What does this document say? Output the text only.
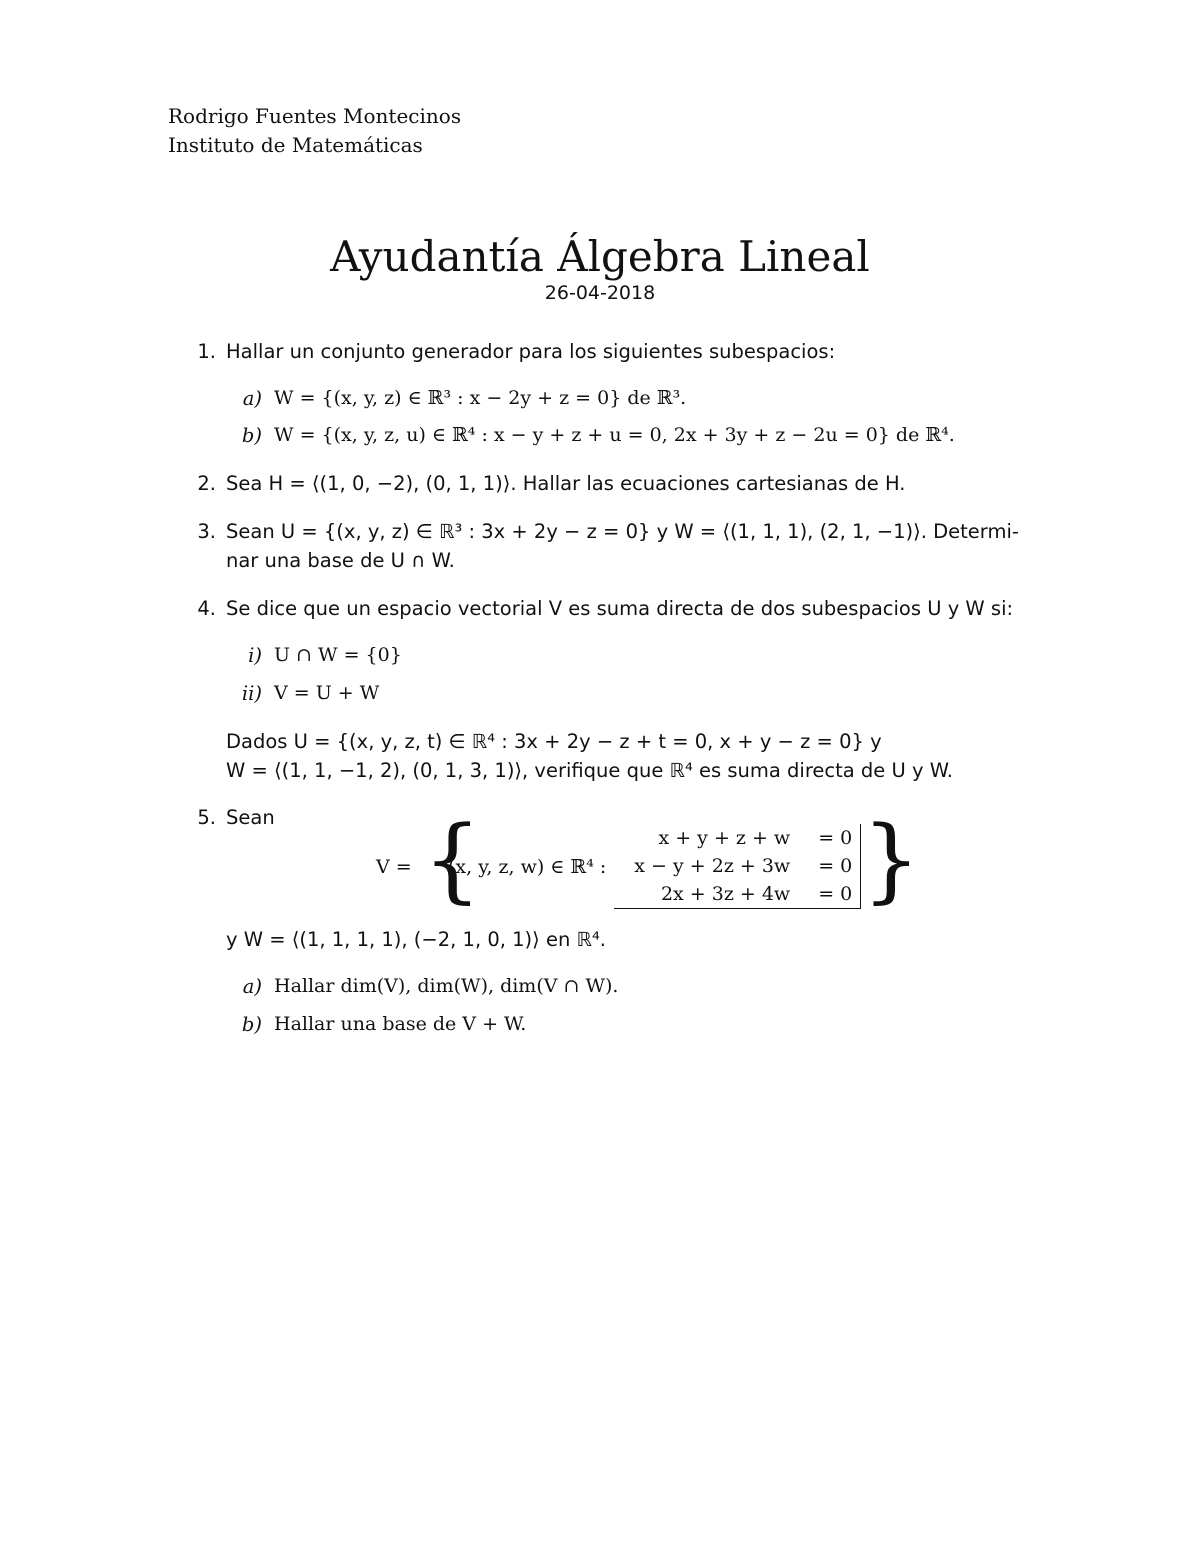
Rodrigo Fuentes Montecinos
Instituto de Matemáticas
Ayudantía Álgebra Lineal
26-04-2018
1. Hallar un conjunto generador para los siguientes subespacios:
a) W = {(x, y, z) ∈ ℝ³ : x − 2y + z = 0} de ℝ³.
b) W = {(x, y, z, u) ∈ ℝ⁴ : x − y + z + u = 0, 2x + 3y + z − 2u = 0} de ℝ⁴.
2. Sea H = ⟨(1, 0, −2), (0, 1, 1)⟩. Hallar las ecuaciones cartesianas de H.
3. Sean U = {(x, y, z) ∈ ℝ³ : 3x + 2y − z = 0} y W = ⟨(1, 1, 1), (2, 1, −1)⟩. Determi-
nar una base de U ∩ W.
4. Se dice que un espacio vectorial V es suma directa de dos subespacios U y W si:
i) U ∩ W = {0}
ii) V = U + W
Dados U = {(x, y, z, t) ∈ ℝ⁴ : 3x + 2y − z + t = 0, x + y − z = 0} y
W = ⟨(1, 1, −1, 2), (0, 1, 3, 1)⟩, verifique que ℝ⁴ es suma directa de U y W.
5. Sean
V = {
(x, y, z, w) ∈ ℝ⁴ :
x + y + z + w	= 0
x − y + 2z + 3w	= 0
2x + 3z + 4w	= 0 }
y W = ⟨(1, 1, 1, 1), (−2, 1, 0, 1)⟩ en ℝ⁴.
a) Hallar dim(V), dim(W), dim(V ∩ W).
b) Hallar una base de V + W.
